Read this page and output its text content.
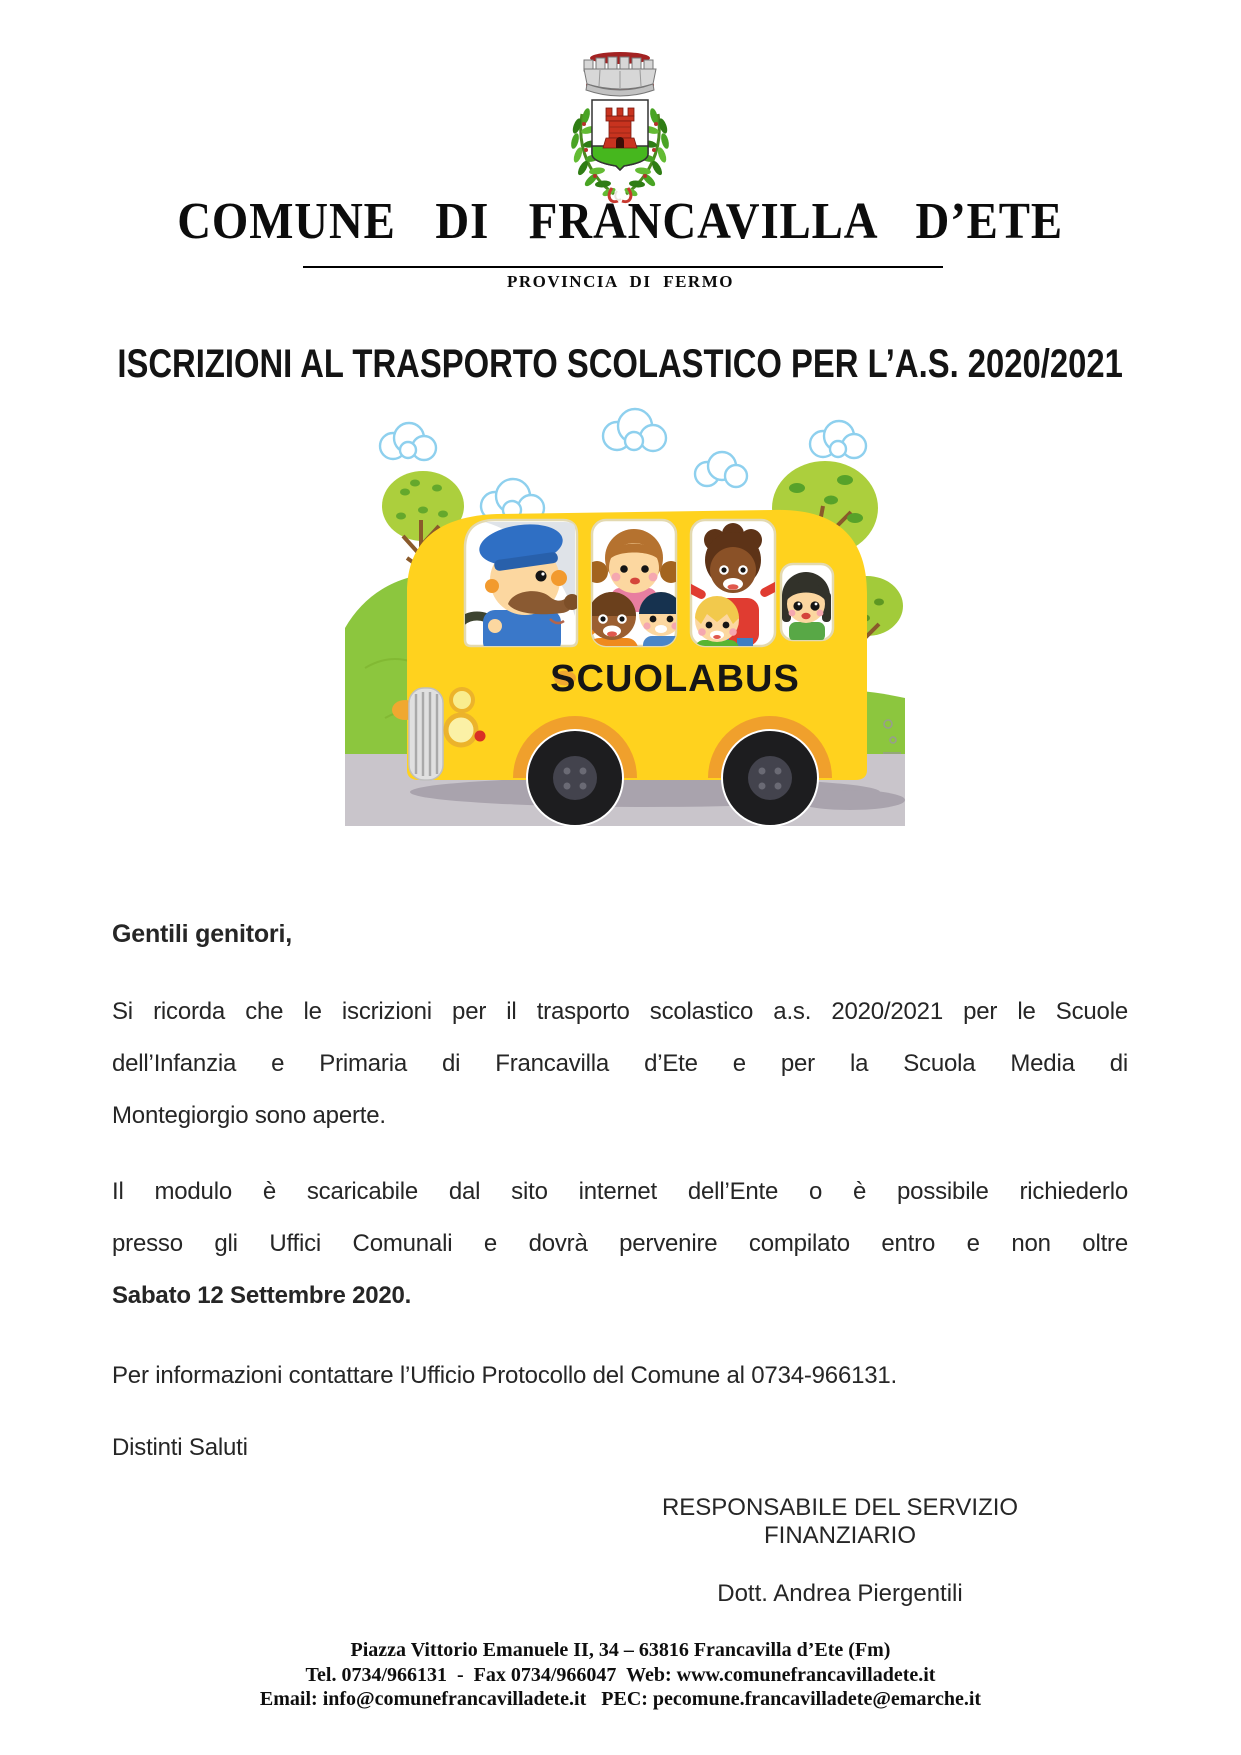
COMUNE DI FRANCAVILLA D’ETE
PROVINCIA DI FERMO
ISCRIZIONI AL TRASPORTO SCOLASTICO PER L’A.S. 2020/2021
SCUOLABUS
Gentili genitori,
Si ricorda che le iscrizioni per il trasporto scolastico a.s. 2020/2021 per le Scuole
dell’Infanzia e Primaria di Francavilla d’Ete e per la Scuola Media di
Montegiorgio sono aperte.
Il modulo è scaricabile dal sito internet dell’Ente o è possibile richiederlo
presso gli Uffici Comunali e dovrà pervenire compilato entro e non oltre
Sabato 12 Settembre 2020.
Per informazioni contattare l’Ufficio Protocollo del Comune al 0734-966131.
Distinti Saluti
RESPONSABILE DEL SERVIZIO FINANZIARIO
Dott. Andrea Piergentili
Piazza Vittorio Emanuele II, 34 – 63816 Francavilla d’Ete (Fm)
Tel. 0734/966131  -  Fax 0734/966047  Web: www.comunefrancavilladete.it
Email: info@comunefrancavilladete.it   PEC: pecomune.francavilladete@emarche.it
